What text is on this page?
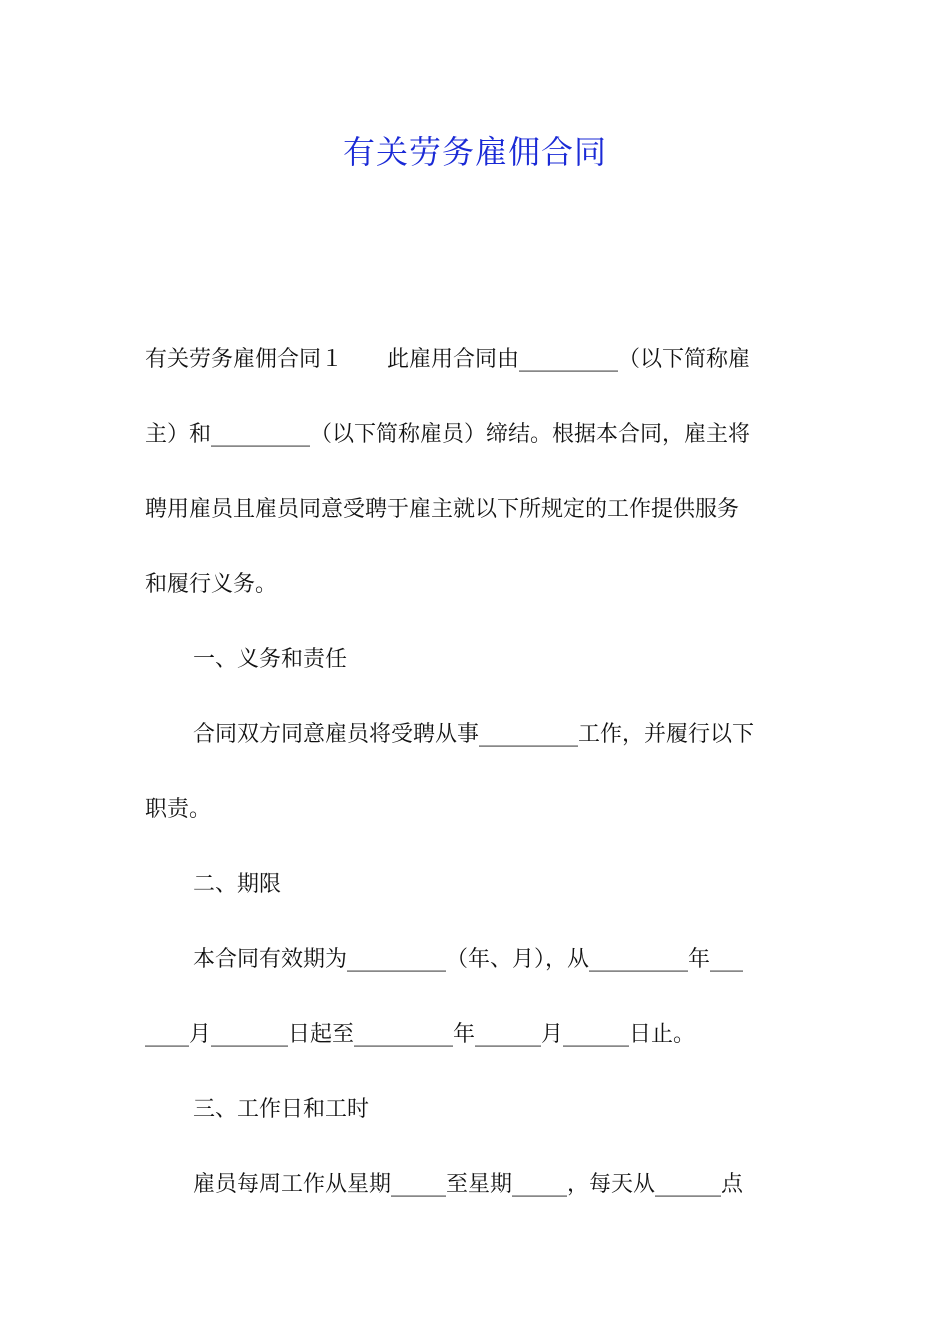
有关劳务雇佣合同
有关劳务雇佣合同１　　此雇用合同由_________（以下简称雇
主）和_________（以下简称雇员）缔结。根据本合同，雇主将
聘用雇员且雇员同意受聘于雇主就以下所规定的工作提供服务
和履行义务。
一、义务和责任
合同双方同意雇员将受聘从事_________工作，并履行以下
职责。
二、期限
本合同有效期为_________（年、月），从_________年___
____月_______日起至_________年______月______日止。
三、工作日和工时
雇员每周工作从星期_____至星期_____，每天从______点
